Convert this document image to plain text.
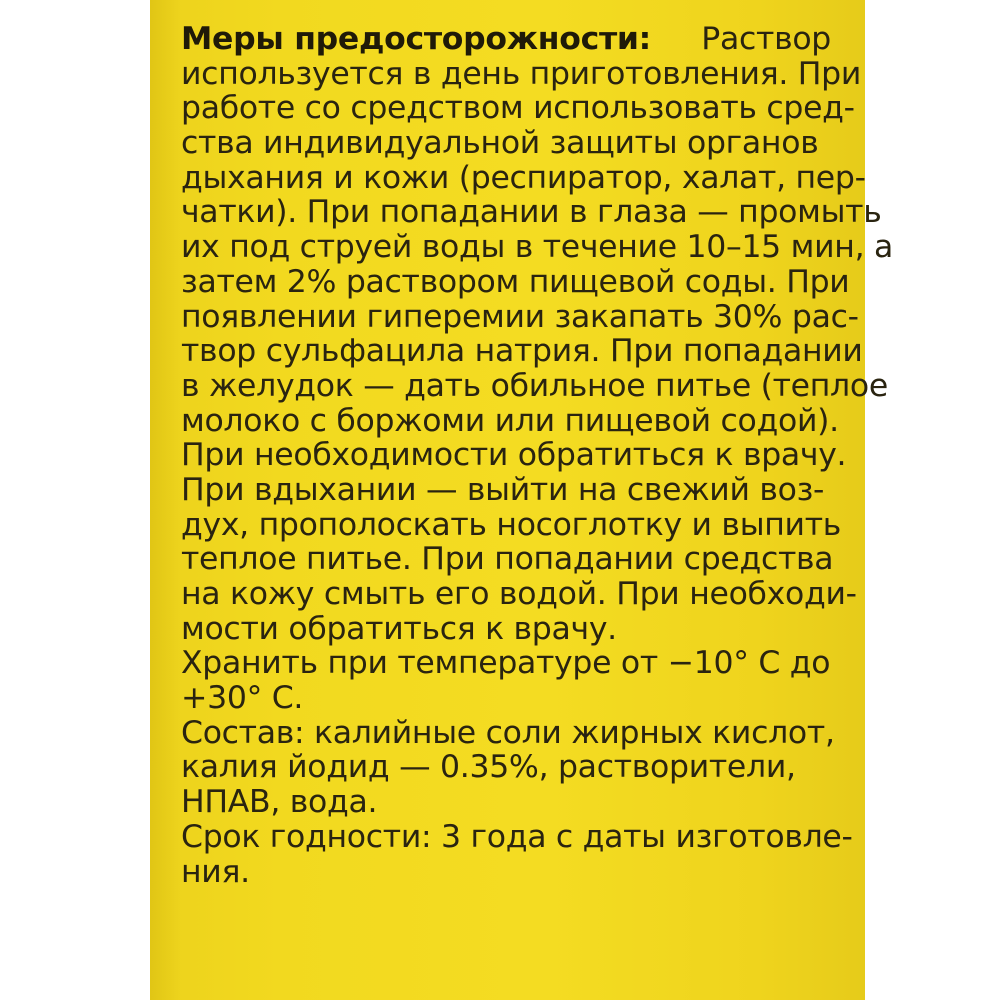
Меры предосторожности: Раствор
используется в день приготовления. При
работе со средством использовать сред-
ства индивидуальной защиты органов
дыхания и кожи (респиратор, халат, пер-
чатки). При попадании в глаза — промыть
их под струей воды в течение 10–15 мин, а
затем 2% раствором пищевой соды. При
появлении гиперемии закапать 30% рас-
твор сульфацила натрия. При попадании
в желудок — дать обильное питье (теплое
молоко с боржоми или пищевой содой).
При необходимости обратиться к врачу.
При вдыхании — выйти на свежий воз-
дух, прополоскать носоглотку и выпить
теплое питье. При попадании средства
на кожу смыть его водой. При необходи-
мости обратиться к врачу.
Хранить при температуре от −10° С до
+30° С.
Состав: калийные соли жирных кислот,
калия йодид — 0.35%, растворители,
НПАВ, вода.
Срок годности: 3 года с даты изготовле-
ния.
